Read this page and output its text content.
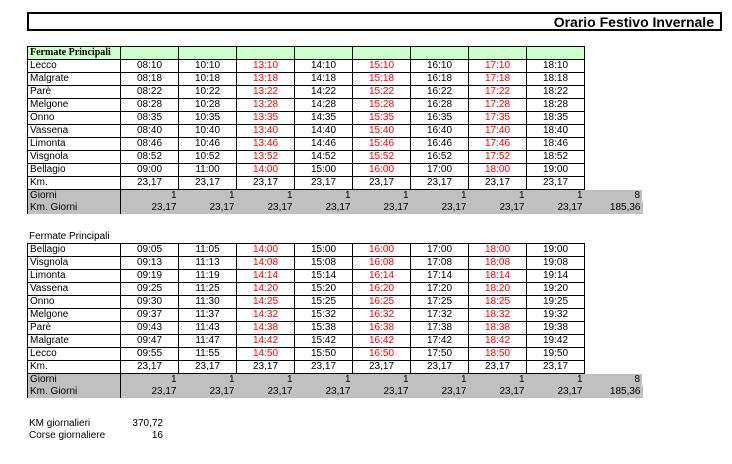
Orario Festivo Invernale
Fermate Principali									
Lecco	08:10	10:10	13:10	14:10	15:10	16:10	17:10	18:10	
Malgrate	08:18	10:18	13:18	14:18	15:18	16:18	17:18	18:18	
Parè	08:22	10:22	13:22	14:22	15:22	16:22	17:22	18:22	
Melgone	08:28	10:28	13:28	14:28	15:28	16:28	17:28	18:28	
Onno	08:35	10:35	13:35	14:35	15:35	16:35	17:35	18:35	
Vassena	08:40	10:40	13:40	14:40	15:40	16:40	17:40	18:40	
Limonta	08:46	10:46	13:46	14:46	15:46	16:46	17:46	18:46	
Visgnola	08:52	10:52	13:52	14:52	15:52	16:52	17:52	18:52	
Bellagio	09:00	11:00	14:00	15:00	16:00	17:00	18:00	19:00	
Km.	23,17	23,17	23,17	23,17	23,17	23,17	23,17	23,17	
Giorni	1	1	1	1	1	1	1	1	8
Km. Giorni	23,17	23,17	23,17	23,17	23,17	23,17	23,17	23,17	185,36
Fermate Principali
Bellagio	09:05	11:05	14:00	15:00	16:00	17:00	18:00	19:00	
Visgnola	09:13	11:13	14:08	15:08	16:08	17:08	18:08	19:08	
Limonta	09:19	11:19	14:14	15:14	16:14	17:14	18:14	19:14	
Vassena	09:25	11:25	14:20	15:20	16:20	17:20	18:20	19:20	
Onno	09:30	11:30	14:25	15:25	16:25	17:25	18:25	19:25	
Melgone	09:37	11:37	14:32	15:32	16:32	17:32	18:32	19:32	
Parè	09:43	11:43	14:38	15:38	16:38	17:38	18:38	19:38	
Malgrate	09:47	11:47	14:42	15:42	16:42	17:42	18:42	19:42	
Lecco	09:55	11:55	14:50	15:50	16:50	17:50	18:50	19:50	
Km.	23,17	23,17	23,17	23,17	23,17	23,17	23,17	23,17	
Giorni	1	1	1	1	1	1	1	1	8
Km. Giorni	23,17	23,17	23,17	23,17	23,17	23,17	23,17	23,17	185,36
KM giornalieri	370,72
Corse giornaliere	16
